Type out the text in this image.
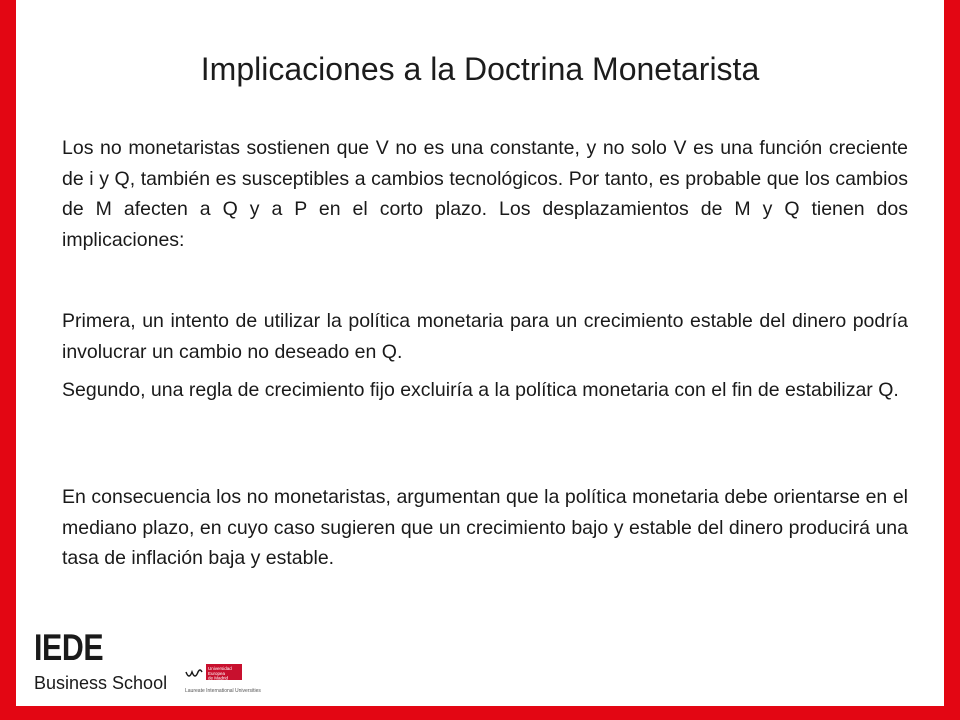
Implicaciones a la Doctrina Monetarista
Los no monetaristas sostienen que V no es una constante, y no solo V es una función creciente de i y Q, también es susceptibles a cambios tecnológicos. Por tanto, es probable que los cambios de M afecten a Q y a P en el corto plazo. Los desplazamientos de M y Q tienen dos implicaciones:
Primera, un intento de utilizar la política monetaria para un crecimiento estable del dinero podría involucrar un cambio no deseado en Q.
Segundo, una regla de crecimiento fijo excluiría a la política monetaria con el fin de estabilizar Q.
En consecuencia los no monetaristas, argumentan que la política monetaria debe orientarse en el mediano plazo, en cuyo caso sugieren que un crecimiento bajo y estable del dinero producirá una tasa de inflación baja y estable.
IEDE
Business School
Universidad
Europea
de Madrid
Laureate International Universities
